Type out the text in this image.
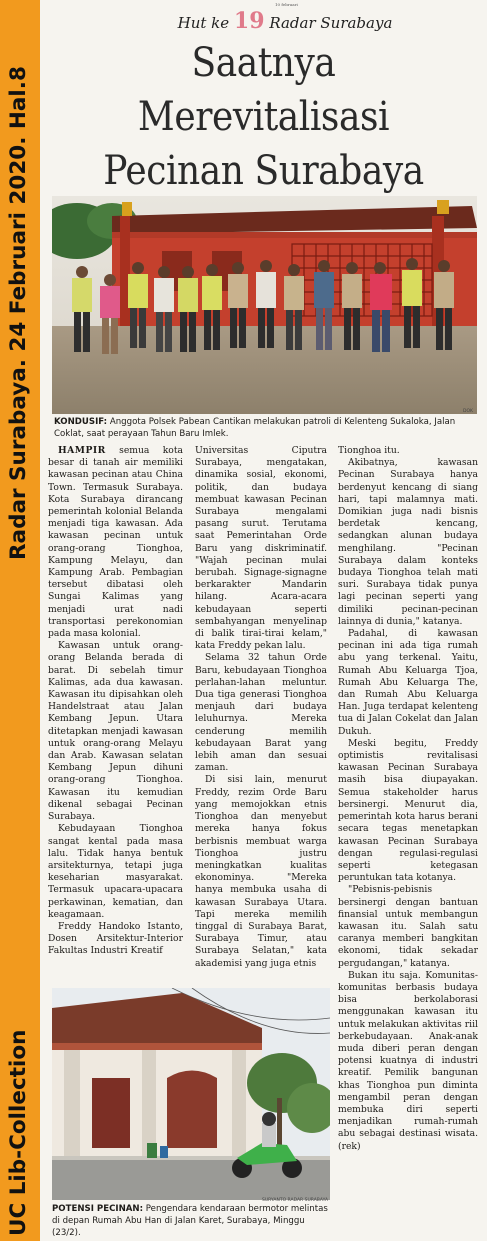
Radar Surabaya. 24 Februari 2020. Hal.8
UC Lib-Collection
10 februari
Hut ke 19 Radar Surabaya
Saatnya Merevitalisasi
Pecinan Surabaya
DOK
KONDUSIF: Anggota Polsek Pabean Cantikan melakukan patroli di Kelenteng Sukaloka, Jalan Coklat, saat perayaan Tahun Baru Imlek.

HAMPIR semua kota besar di tanah air memiliki kawasan pecinan atau China Town. Termasuk Surabaya. Kota Surabaya dirancang pemerintah kolonial Belanda menjadi tiga kawasan. Ada kawasan pecinan untuk orang-orang Tionghoa, Kampung Melayu, dan Kampung Arab. Pembagian tersebut dibatasi oleh Sungai Kalimas yang menjadi urat nadi transportasi perekonomian pada masa kolonial.

Kawasan untuk orang-orang Belanda berada di barat. Di sebelah timur Kalimas, ada dua kawasan. Kawasan itu dipisahkan oleh Handelstraat atau Jalan Kembang Jepun. Utara ditetapkan menjadi kawasan untuk orang-orang Melayu dan Arab. Kawasan selatan Kembang Jepun dihuni orang-orang Tionghoa. Kawasan itu kemudian dikenal sebagai Pecinan Surabaya.

Kebudayaan Tionghoa sangat kental pada masa lalu. Tidak hanya bentuk arsitekturnya, tetapi juga keseharian masyarakat. Termasuk upacara-upacara perkawinan, kematian, dan keagamaan.

Freddy Handoko Istanto, Dosen Arsitektur-Interior Fakultas Industri Kreatif

Universitas Ciputra Surabaya, mengatakan, dinamika sosial, ekonomi, politik, dan budaya membuat kawasan Pecinan Surabaya mengalami pasang surut. Terutama saat Pemerintahan Orde Baru yang diskriminatif. "Wajah pecinan mulai berubah. Signage-signagne berkarakter Mandarin hilang. Acara-acara kebudayaan seperti sembahyangan menyelinap di balik tirai-tirai kelam," kata Freddy pekan lalu.

Selama 32 tahun Orde Baru, kebudayaan Tionghoa perlahan-lahan meluntur. Dua tiga generasi Tionghoa menjauh dari budaya leluhurnya. Mereka cenderung memilih kebudayaan Barat yang lebih aman dan sesuai zaman.

Di sisi lain, menurut Freddy, rezim Orde Baru yang memojokkan etnis Tionghoa dan menyebut mereka hanya fokus berbisnis membuat warga Tionghoa justru meningkatkan kualitas ekonominya. "Mereka hanya membuka usaha di kawasan Surabaya Utara. Tapi mereka memilih tinggal di Surabaya Barat, Surabaya Timur, atau Surabaya Selatan," kata akademisi yang juga etnis

Tionghoa itu.

Akibatnya, kawasan Pecinan Surabaya hanya berdenyut kencang di siang hari, tapi malamnya mati. Domikian juga nadi bisnis berdetak kencang, sedangkan alunan budaya menghilang. "Pecinan Surabaya dalam konteks budaya Tionghoa telah mati suri. Surabaya tidak punya lagi pecinan seperti yang dimiliki pecinan-pecinan lainnya di dunia," katanya.

Padahal, di kawasan pecinan ini ada tiga rumah abu yang terkenal. Yaitu, Rumah Abu Keluarga Tjoa, Rumah Abu Keluarga The, dan Rumah Abu Keluarga Han. Juga terdapat kelenteng tua di Jalan Cokelat dan Jalan Dukuh.

Meski begitu, Freddy optimistis revitalisasi kawasan Pecinan Surabaya masih bisa diupayakan. Semua stakeholder harus bersinergi. Menurut dia, pemerintah kota harus berani secara tegas menetapkan kawasan Pecinan Surabaya dengan regulasi-regulasi seperti ketegasan peruntukan tata kotanya.

"Pebisnis-pebisnis bersinergi dengan bantuan finansial untuk membangun kawasan itu. Salah satu caranya memberi bangkitan ekonomi, tidak sekadar pergudangan," katanya.

Bukan itu saja. Komunitas-komunitas berbasis budaya bisa berkolaborasi menggunakan kawasan itu untuk melakukan aktivitas riil berkebudayaan. Anak-anak muda diberi peran dengan potensi kuatnya di industri kreatif. Pemilik bangunan khas Tionghoa pun diminta mengambil peran dengan membuka diri seperti menjadikan rumah-rumah abu sebagai destinasi wisata. (rek)

SURYANTO RADAR SURABAYA
POTENSI PECINAN: Pengendara kendaraan bermotor melintas di depan Rumah Abu Han di Jalan Karet, Surabaya, Minggu (23/2).
